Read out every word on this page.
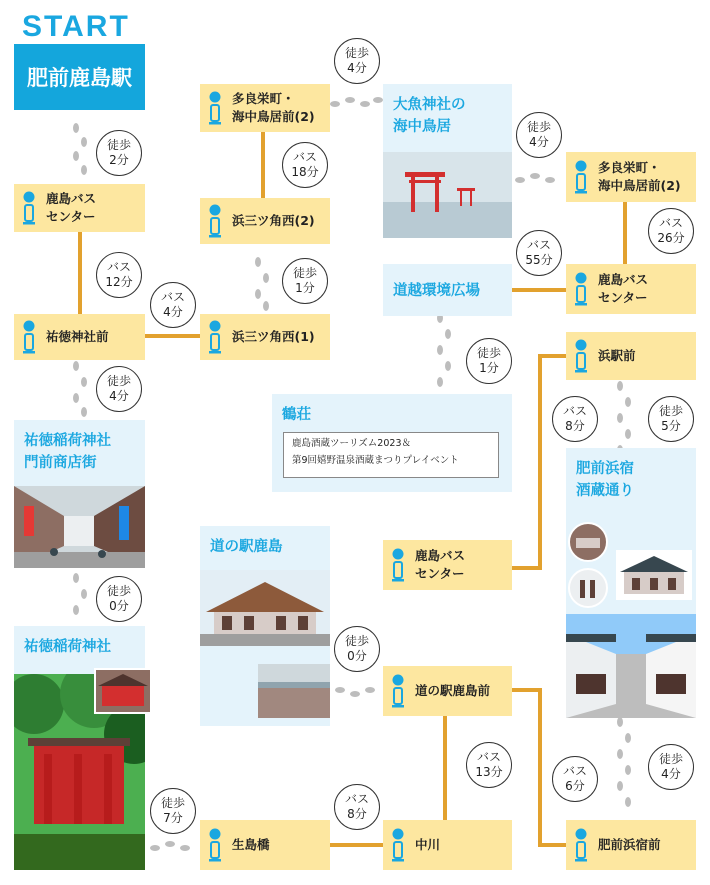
START
肥前鹿島駅
鹿島バス
センター
祐徳神社前	浜三ツ角西(1)
浜三ツ角西(2)
多良栄町・
海中鳥居前(2)
多良栄町・
海中鳥居前(2)
鹿島バス
センター
浜駅前
鹿島バス
センター
道の駅鹿島前
生島橋	中川	肥前浜宿前
祐徳稲荷神社
門前商店街
祐徳稲荷神社
大魚神社の
海中鳥居
道越環境広場
鶴荘
鹿島酒蔵ツーリズム2023＆
第9回嬉野温泉酒蔵まつりプレイベント
道の駅鹿島
肥前浜宿
酒蔵通り
徒歩
2分
バス
12分
バス
4分
徒歩
4分
徒歩
0分
徒歩
7分
バス
18分
徒歩
1分
徒歩
4分
徒歩
4分
バス
26分
バス
55分
徒歩
1分
徒歩
0分
バス
8分
徒歩
5分
バス
13分	バス
6分
徒歩
4分
バス
8分
